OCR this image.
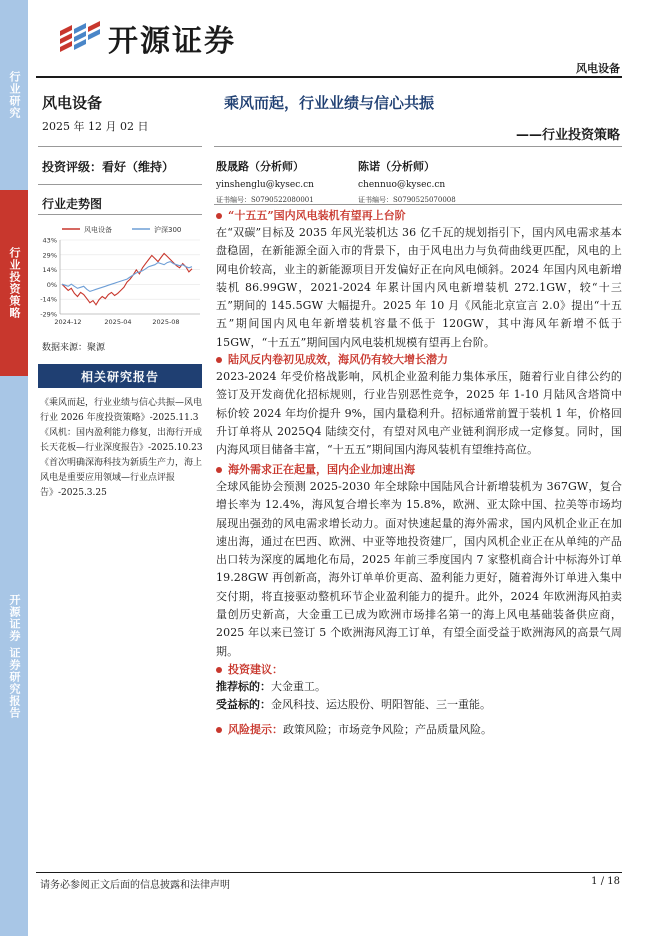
行业研究
行业投资策略
开源证券 证券研究报告
开源证券
风电设备
风电设备
2025 年 12 月 02 日
投资评级：看好（维持）
行业走势图
风电设备	沪深300
43%
29%
14%
0%
-14%
-29%
2024-12	2025-04	2025-08
数据来源：聚源
相关研究报告
《乘风而起，行业业绩与信心共振—风电行业 2026 年度投资策略》-2025.11.3
《风机：国内盈利能力修复，出海行开成长天花板—行业深度报告》-2025.10.23
《首次明确深海科技为新质生产力，海上风电是重要应用领域—行业点评报告》-2025.3.25
乘风而起，行业业绩与信心共振
——行业投资策略
殷晟路（分析师）
yinshenglu@kysec.cn
证书编号：S0790522080001
陈诺（分析师）
chennuo@kysec.cn
证书编号：S0790525070008
“十五五”国内风电装机有望再上台阶
在“双碳”目标及 2035 年风光装机达 36 亿千瓦的规划指引下，国内风电需求基本盘稳固，在新能源全面入市的背景下，由于风电出力与负荷曲线更匹配，风电的上网电价较高，业主的新能源项目开发偏好正在向风电倾斜。2024 年国内风电新增装机 86.99GW，2021-2024 年累计国内风电新增装机 272.1GW，较“十三五”期间的 145.5GW 大幅提升。2025 年 10 月《风能北京宣言 2.0》提出“十五五”期间国内风电年新增装机容量不低于 120GW，其中海风年新增不低于 15GW，“十五五”期间国内风电装机规模有望再上台阶。
陆风反内卷初见成效，海风仍有较大增长潜力
2023-2024 年受价格战影响，风机企业盈利能力集体承压，随着行业自律公约的签订及开发商优化招标规则，行业告别恶性竞争，2025 年 1-10 月陆风含塔筒中标价较 2024 年均价提升 9%，国内量稳利升。招标通常前置于装机 1 年，价格回升订单将从 2025Q4 陆续交付，有望对风电产业链利润形成一定修复。同时，国内海风项目储备丰富，“十五五”期间国内海风装机有望维持高位。
海外需求正在起量，国内企业加速出海
全球风能协会预测 2025-2030 年全球除中国陆风合计新增装机为 367GW，复合增长率为 12.4%，海风复合增长率为 15.8%，欧洲、亚太除中国、拉美等市场均展现出强劲的风电需求增长动力。面对快速起量的海外需求，国内风机企业正在加速出海，通过在巴西、欧洲、中亚等地投资建厂，国内风机企业正在从单纯的产品出口转为深度的属地化布局，2025 年前三季度国内 7 家整机商合计中标海外订单 19.28GW 再创新高，海外订单单价更高、盈利能力更好，随着海外订单进入集中交付期，将直接驱动整机环节企业盈利能力的提升。此外，2024 年欧洲海风拍卖量创历史新高，大金重工已成为欧洲市场排名第一的海上风电基础装备供应商，2025 年以来已签订 5 个欧洲海风海工订单，有望全面受益于欧洲海风的高景气周期。
投资建议：
推荐标的：大金重工。
受益标的：金风科技、运达股份、明阳智能、三一重能。
风险提示： 政策风险；市场竞争风险；产品质量风险。
请务必参阅正文后面的信息披露和法律声明	1 / 18
